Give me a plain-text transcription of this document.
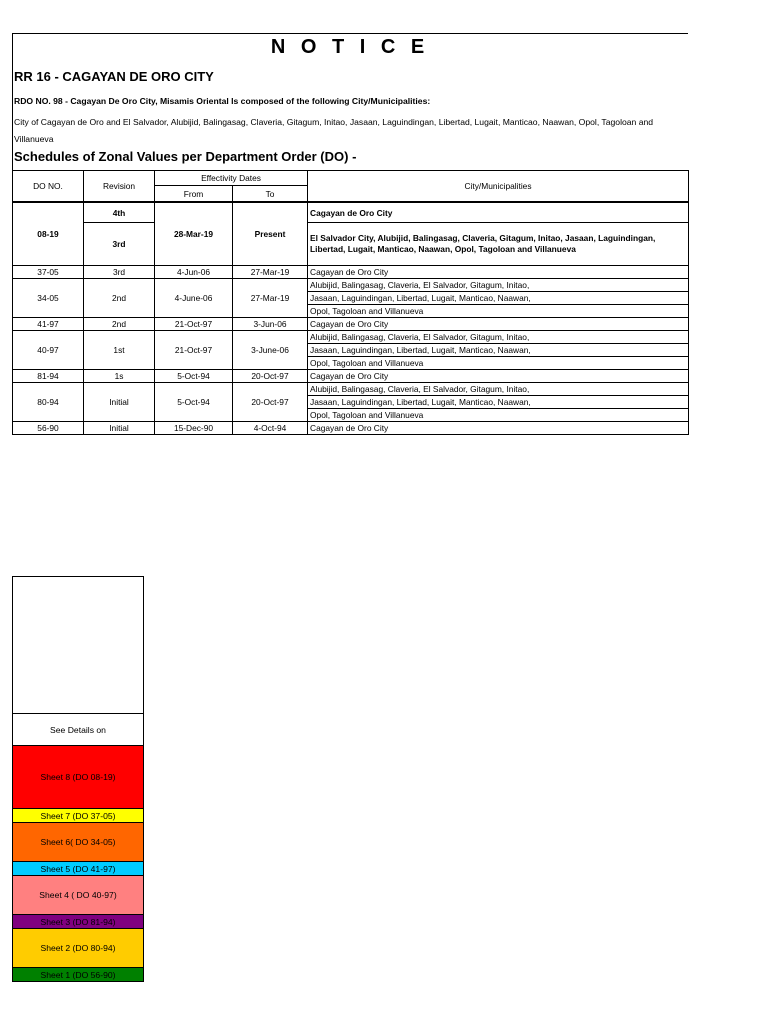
N O T I C E
RR 16 - CAGAYAN DE ORO CITY
RDO NO. 98 - Cagayan De Oro City, Misamis Oriental Is composed of the following City/Municipalities:
City of Cagayan de Oro and El Salvador, Alubijid, Balingasag, Claveria, Gitagum, Initao, Jasaan, Laguindingan, Libertad, Lugait, Manticao, Naawan, Opol, Tagoloan and Villanueva
Schedules of Zonal Values per Department Order (DO) -
DO NO.	Revision	Effectivity Dates		City/Municipalities
		From	To	
08-19	4th	28-Mar-19	Present	Cagayan de Oro City
	3rd			El Salvador City, Alubijid, Balingasag, Claveria, Gitagum, Initao, Jasaan, Laguindingan, Libertad, Lugait, Manticao, Naawan, Opol, Tagoloan and Villanueva
37-05	3rd	4-Jun-06	27-Mar-19	Cagayan de Oro City
34-05	2nd	4-June-06	27-Mar-19	Alubijid, Balingasag, Claveria, El Salvador, Gitagum, Initao,
				Jasaan, Laguindingan, Libertad, Lugait, Manticao, Naawan,
				Opol, Tagoloan and Villanueva
41-97	2nd	21-Oct-97	3-Jun-06	Cagayan de Oro City
40-97	1st	21-Oct-97	3-June-06	Alubijid, Balingasag, Claveria, El Salvador, Gitagum, Initao,
				Jasaan, Laguindingan, Libertad, Lugait, Manticao, Naawan,
				Opol, Tagoloan and Villanueva
81-94	1s	5-Oct-94	20-Oct-97	Cagayan de Oro City
80-94	Initial	5-Oct-94	20-Oct-97	Alubijid, Balingasag, Claveria, El Salvador, Gitagum, Initao,
				Jasaan, Laguindingan, Libertad, Lugait, Manticao, Naawan,
				Opol, Tagoloan and Villanueva
56-90	Initial	15-Dec-90	4-Oct-94	Cagayan de Oro City
See Details on
Sheet 8 (DO 08-19)
Sheet 7 (DO 37-05)
Sheet 6( DO 34-05)
Sheet 5 (DO 41-97)
Sheet 4 ( DO 40-97)
Sheet 3 (DO 81-94)
Sheet 2 (DO 80-94)
Sheet 1 (DO 56-90)
